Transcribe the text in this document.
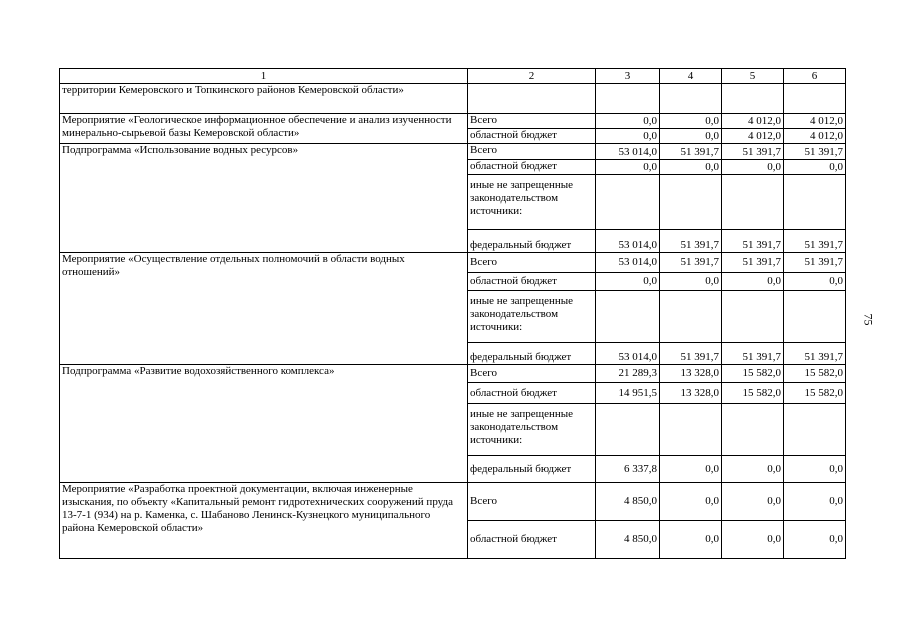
75
1	2	3	4	5	6
территории Кемеровского и Топкинского районов Кемеровской области»					
Мероприятие «Геологическое информационное обеспечение и анализ изученности минерально-сырьевой базы Кемеровской области»	Всего	0,0	0,0	4 012,0	4 012,0
	областной бюджет	0,0	0,0	4 012,0	4 012,0
Подпрограмма «Использование водных ресурсов»	Всего	53 014,0	51 391,7	51 391,7	51 391,7
	областной бюджет	0,0	0,0	0,0	0,0
	иные не запрещенные законодательством источники:				
	федеральный бюджет	53 014,0	51 391,7	51 391,7	51 391,7
Мероприятие «Осуществление отдельных полномочий в области водных отношений»	Всего	53 014,0	51 391,7	51 391,7	51 391,7
	областной бюджет	0,0	0,0	0,0	0,0
	иные не запрещенные законодательством источники:				
	федеральный бюджет	53 014,0	51 391,7	51 391,7	51 391,7
Подпрограмма «Развитие водохозяйственного комплекса»	Всего	21 289,3	13 328,0	15 582,0	15 582,0
	областной бюджет	14 951,5	13 328,0	15 582,0	15 582,0
	иные не запрещенные законодательством источники:				
	федеральный бюджет	6 337,8	0,0	0,0	0,0
Мероприятие «Разработка проектной документации, включая инженерные изыскания, по объекту «Капитальный ремонт гидротехнических сооружений пруда 13-7-1 (934) на р. Каменка, с. Шабаново Ленинск-Кузнецкого муниципального района Кемеровской области»	Всего	4 850,0	0,0	0,0	0,0
	областной бюджет	4 850,0	0,0	0,0	0,0
